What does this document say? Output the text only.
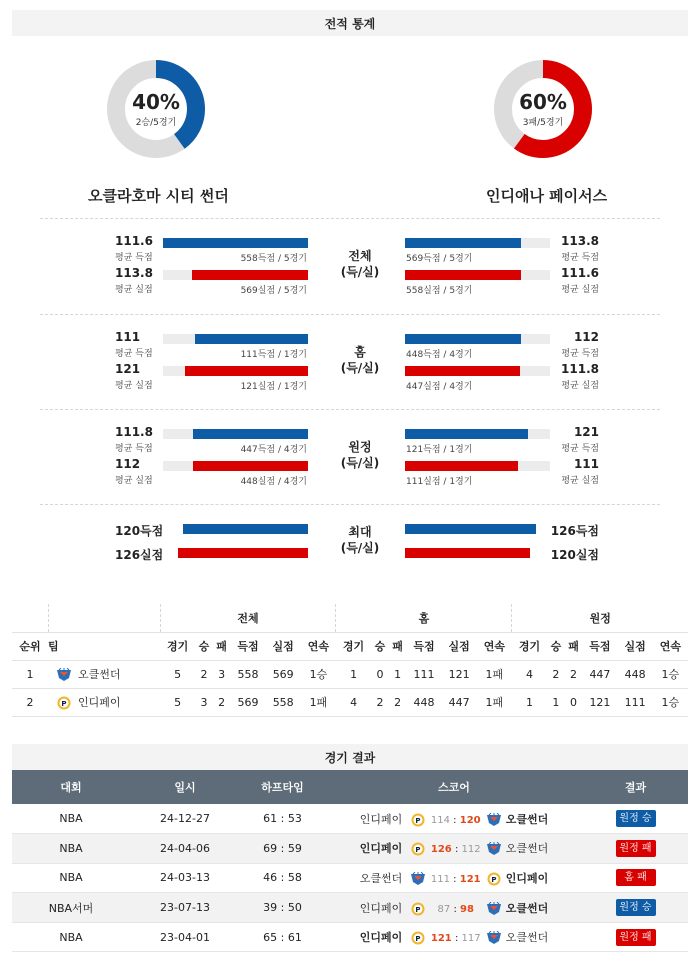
전적 통계
40%
2승/5경기
60%
3패/5경기
오클라호마 시티 썬더	인디애나 페이서스
111.6
평균 득점	558득점 / 5경기	569득점 / 5경기
113.8
평균 득점
113.8
평균 실점	569실점 / 5경기	558실점 / 5경기
111.6
평균 실점
전체
(득/실)
111
평균 득점	111득점 / 1경기	448득점 / 4경기
112
평균 득점
121
평균 실점	121실점 / 1경기	447실점 / 4경기
111.8
평균 실점
홈
(득/실)
111.8
평균 득점	447득점 / 4경기	121득점 / 1경기
121
평균 득점
112
평균 실점	448실점 / 4경기	111실점 / 1경기
111
평균 실점
원정
(득/실)
120득점
126실점
최대
(득/실)
126득점
120실점
		전체						홈						원정					
순위	팀	경기	승	패	득점	실점	연속	경기	승	패	득점	실점	연속	경기	승	패	득점	실점	연속
1	오클썬더	5	2	3	558	569	1승	1	0	1	111	121	1패	4	2	2	447	448	1승
2	P 인디페이	5	3	2	569	558	1패	4	2	2	448	447	1패	1	1	0	121	111	1승
경기 결과
대회	일시	하프타임	스코어	결과
NBA	24-12-27	61 : 53	인디페이 P 114 : 120 오클썬더	원정 승
NBA	24-04-06	69 : 59	인디페이 P 126 : 112 오클썬더	원정 패
NBA	24-03-13	46 : 58	오클썬더 111 : 121 P 인디페이	홈 패
NBA서머	23-07-13	39 : 50	인디페이 P 87 : 98 오클썬더	원정 승
NBA	23-04-01	65 : 61	인디페이 P 121 : 117 오클썬더	원정 패
